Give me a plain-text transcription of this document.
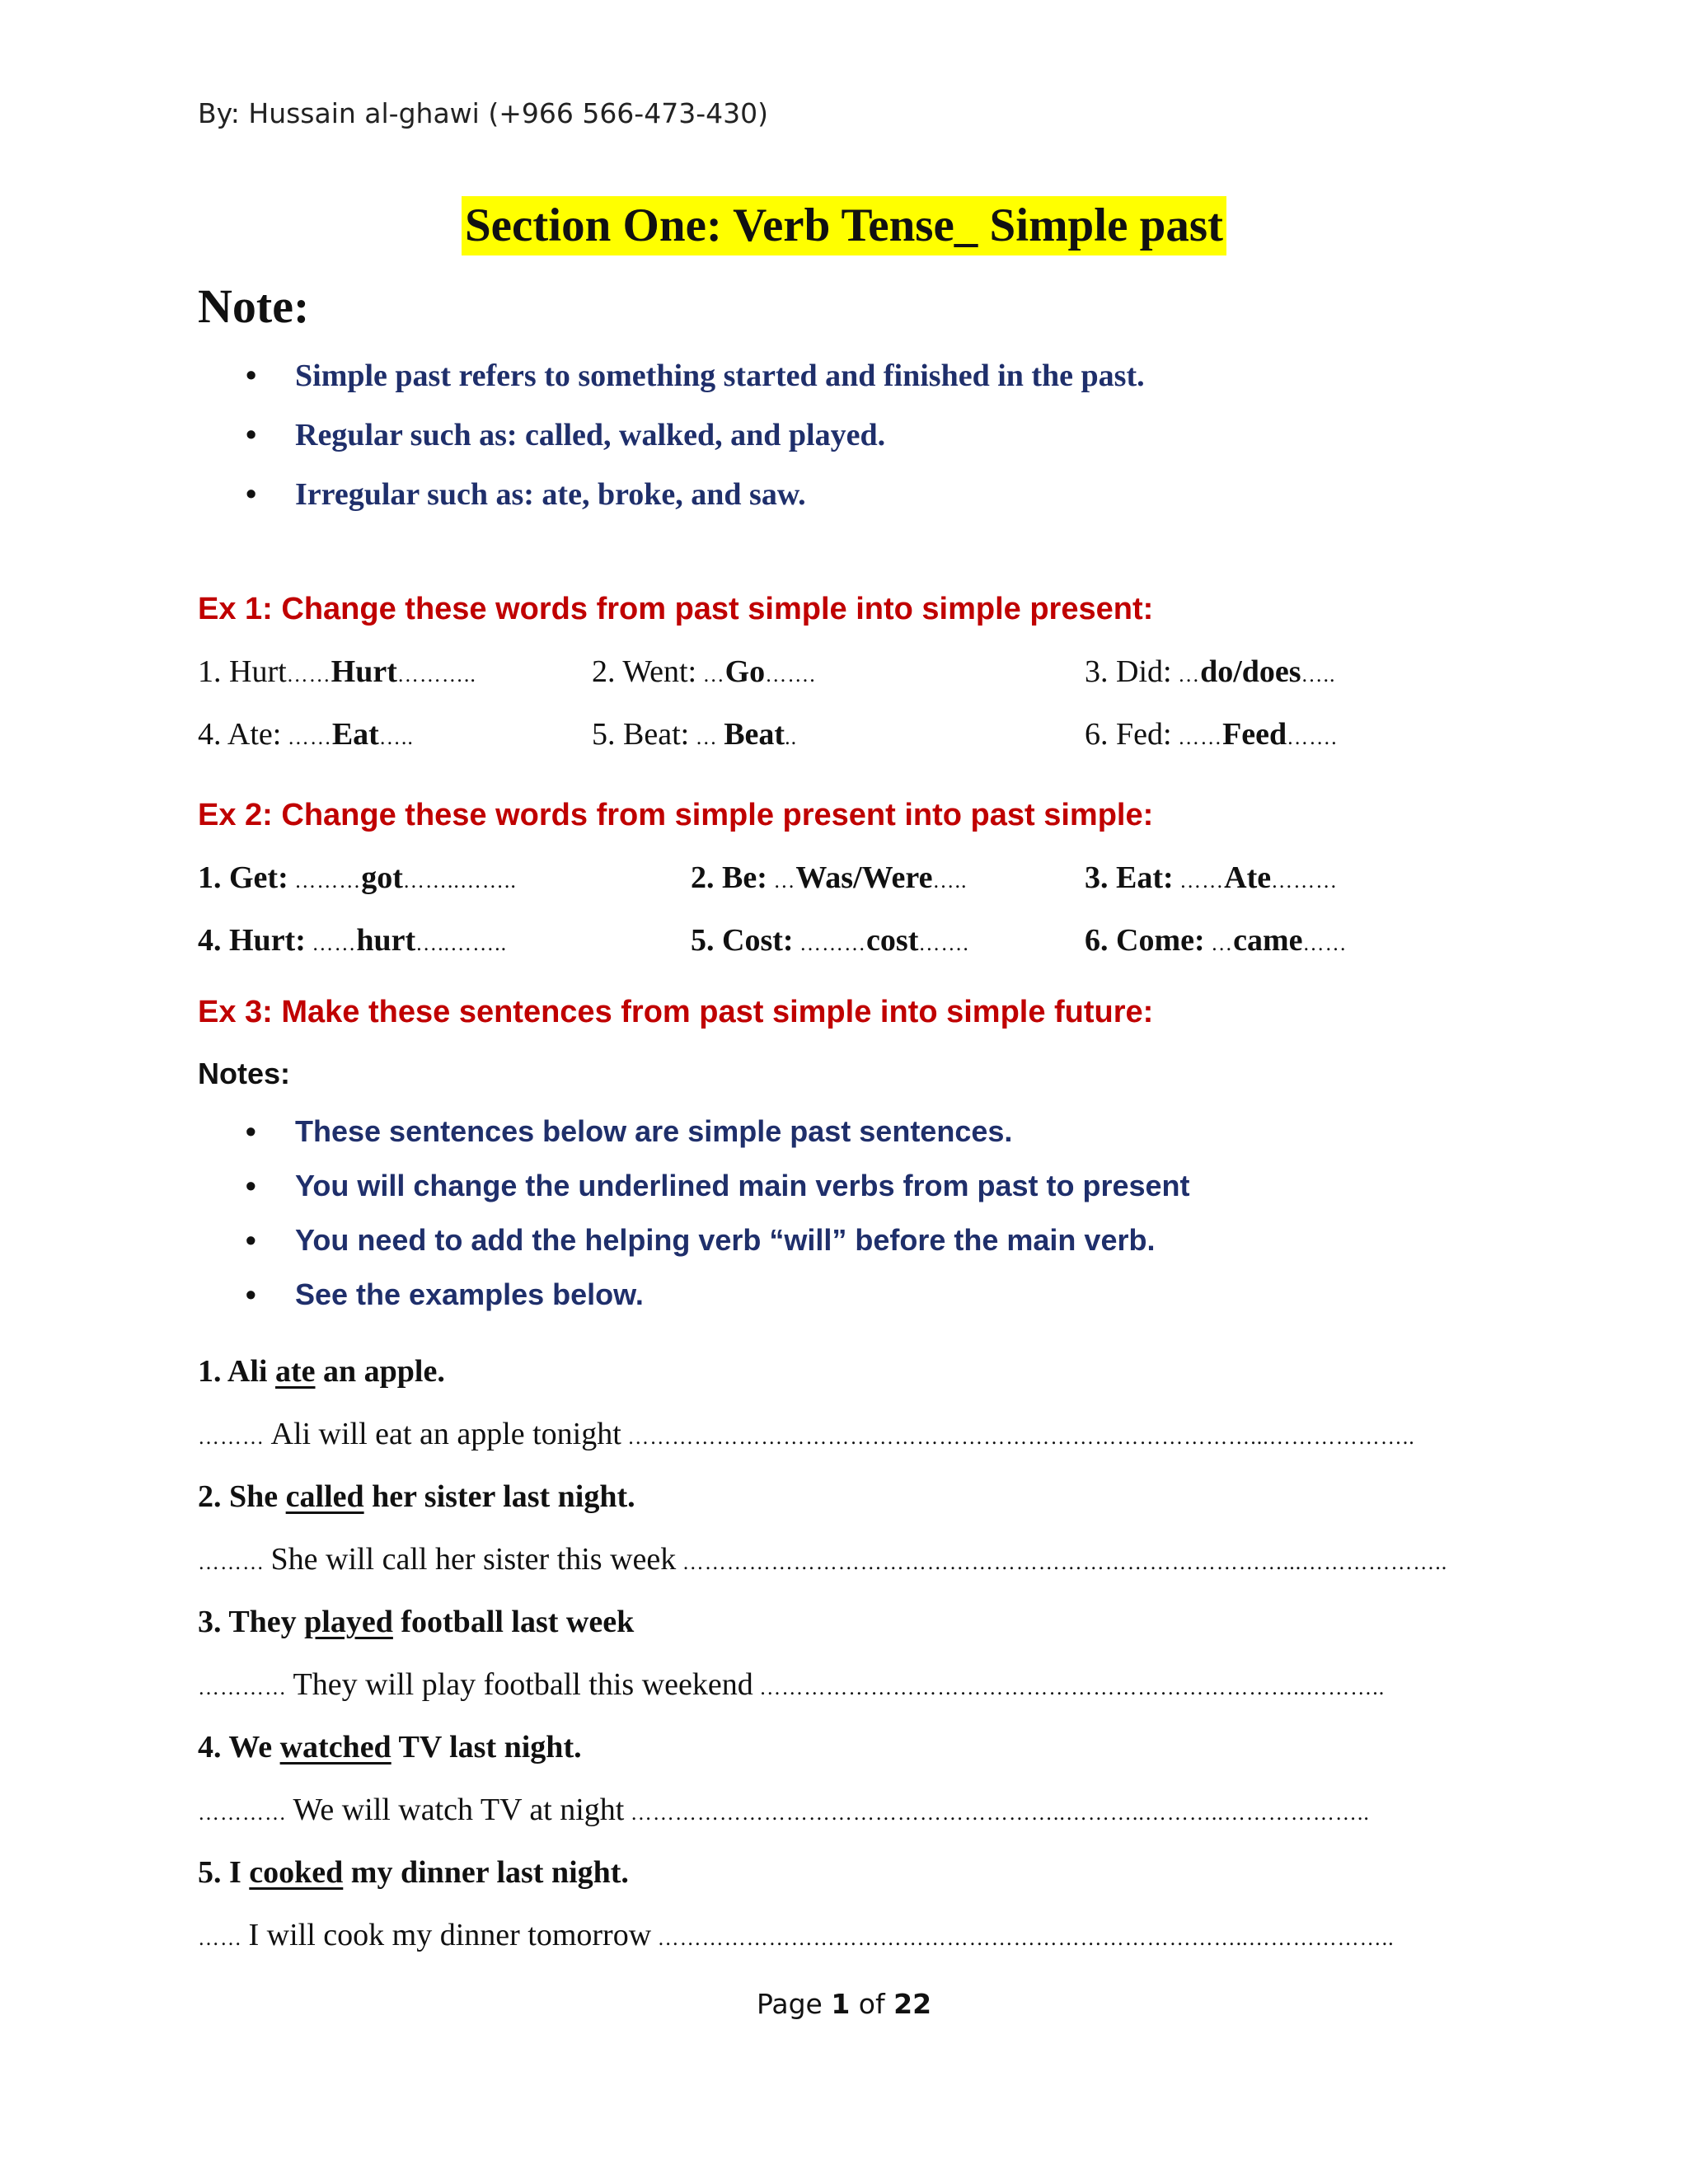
By: Hussain al-ghawi (+966 566-473-430)
Section One: Verb Tense_ Simple past
Note:
• Simple past refers to something started and finished in the past.
• Regular such as: called, walked, and played.
• Irregular such as: ate, broke, and saw.
Ex 1: Change these words from past simple into simple present:
1. Hurt……Hurt………..	2. Went: …Go…….	3. Did: …do/does…..
4. Ate: ……Eat…..	5. Beat: … Beat..	6. Fed: ……Feed…….
Ex 2: Change these words from simple present into past simple:
1. Get: ………got……..……..	2. Be: …Was/Were…..	3. Eat: ……Ate………
4. Hurt: ……hurt…..……..	5. Cost: ………cost…….	6. Come: …came……
Ex 3: Make these sentences from past simple into simple future:
Notes:
• These sentences below are simple past sentences.
• You will change the underlined main verbs from past to present
• You need to add the helping verb “will” before the main verb.
• See the examples below.
1. Ali ate an apple.
……… Ali will eat an apple tonight …………………………………………………………………………...………………..
2. She called her sister last night.
……… She will call her sister this week ………………………………………………………………………...………………..
3. They played football last week
………… They will play football this weekend ………………………………………………………………..………..
4. We watched TV last night.
………… We will watch TV at night …………………………………………………..………..………..………………..
5. I cooked my dinner last night.
…… I will cook my dinner tomorrow ……………………………………………………………………..………………..
Page 1 of 22
